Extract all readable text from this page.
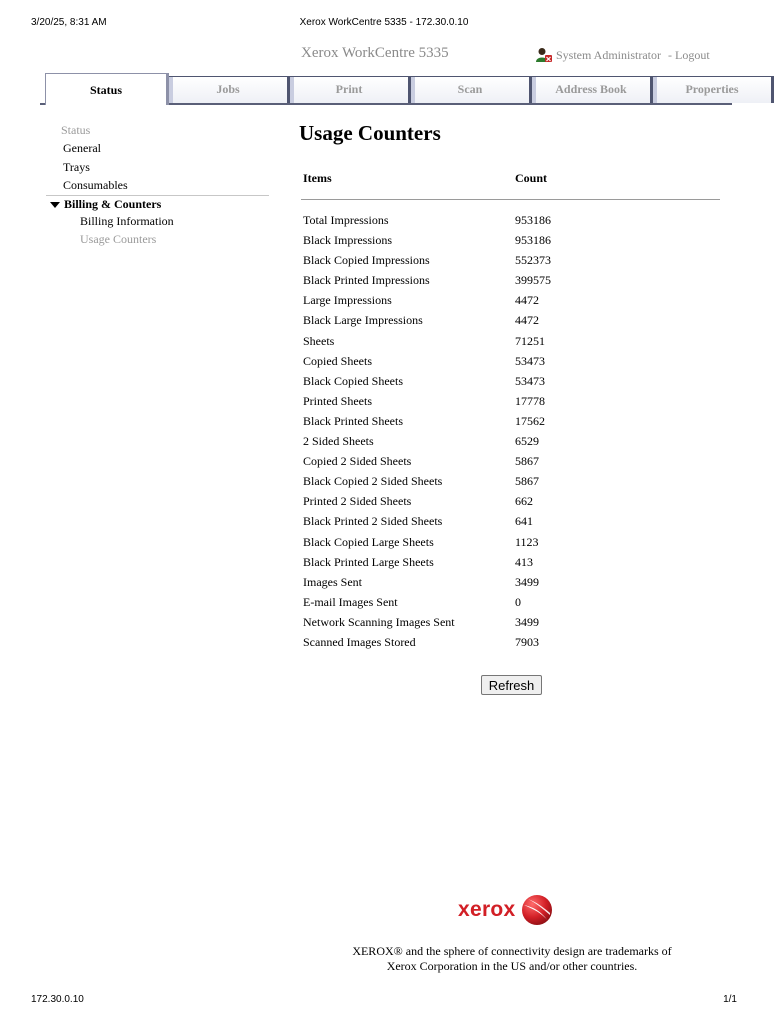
3/20/25, 8:31 AM	Xerox WorkCentre 5335 - 172.30.0.10
Xerox WorkCentre 5335	System Administrator - Logout
Status	Jobs	Print	Scan	Address Book	Properties
Status
General
Trays
Consumables
Billing & Counters
Billing Information
Usage Counters
Usage Counters
Items	Count
Total Impressions	953186
Black Impressions	953186
Black Copied Impressions	552373
Black Printed Impressions	399575
Large Impressions	4472
Black Large Impressions	4472
Sheets	71251
Copied Sheets	53473
Black Copied Sheets	53473
Printed Sheets	17778
Black Printed Sheets	17562
2 Sided Sheets	6529
Copied 2 Sided Sheets	5867
Black Copied 2 Sided Sheets	5867
Printed 2 Sided Sheets	662
Black Printed 2 Sided Sheets	641
Black Copied Large Sheets	1123
Black Printed Large Sheets	413
Images Sent	3499
E-mail Images Sent	0
Network Scanning Images Sent	3499
Scanned Images Stored	7903
Refresh
xerox
XEROX® and the sphere of connectivity design are trademarks of
Xerox Corporation in the US and/or other countries.
172.30.0.10	1/1
